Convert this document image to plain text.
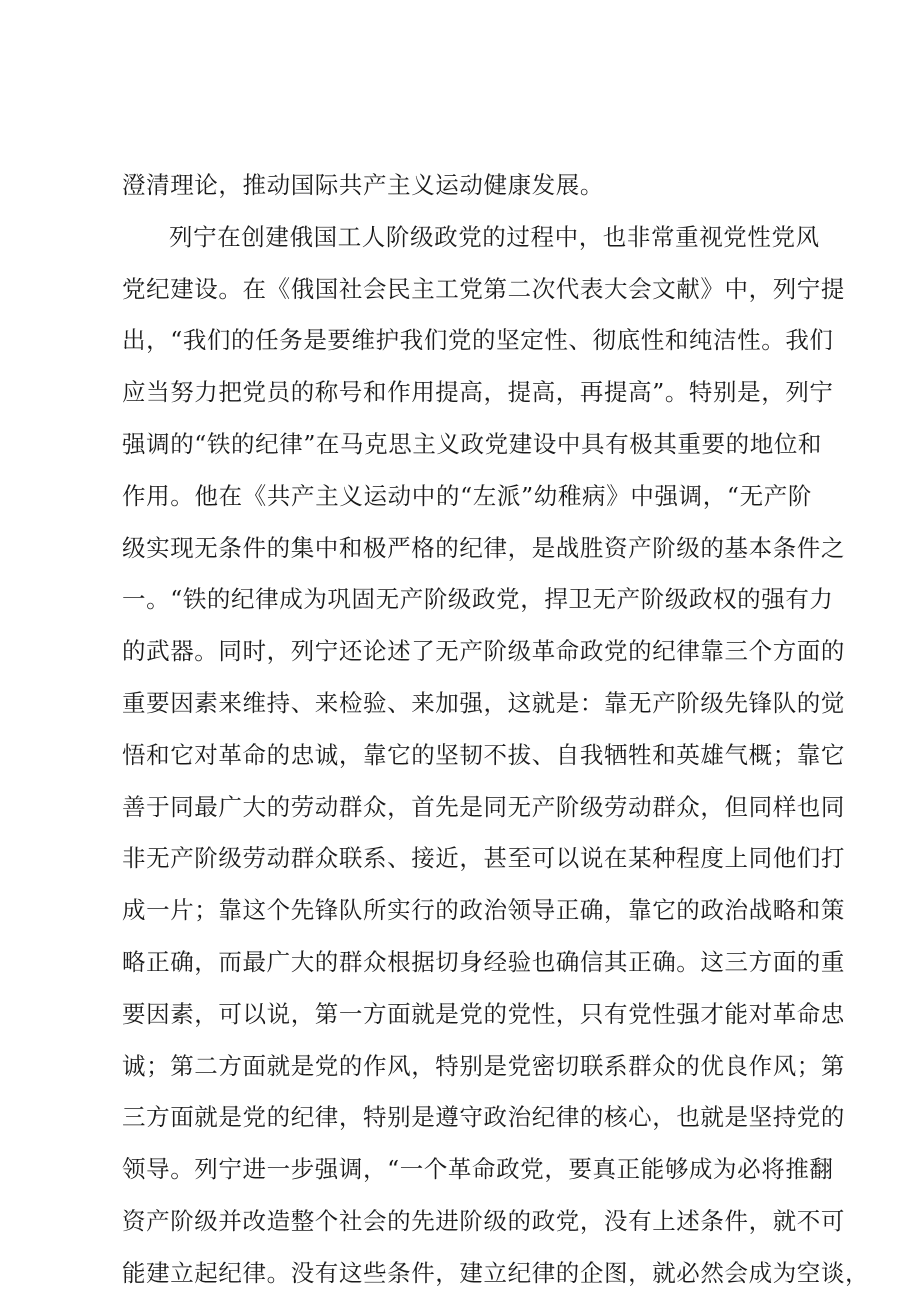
澄清理论，推动国际共产主义运动健康发展。
列宁在创建俄国工人阶级政党的过程中，也非常重视党性党风
党纪建设。在《俄国社会民主工党第二次代表大会文献》中，列宁提
出，“我们的任务是要维护我们党的坚定性、彻底性和纯洁性。我们
应当努力把党员的称号和作用提高，提高，再提高”。特别是，列宁
强调的“铁的纪律”在马克思主义政党建设中具有极其重要的地位和
作用。他在《共产主义运动中的“左派”幼稚病》中强调，“无产阶
级实现无条件的集中和极严格的纪律，是战胜资产阶级的基本条件之
一。“铁的纪律成为巩固无产阶级政党，捍卫无产阶级政权的强有力
的武器。同时，列宁还论述了无产阶级革命政党的纪律靠三个方面的
重要因素来维持、来检验、来加强，这就是：靠无产阶级先锋队的觉
悟和它对革命的忠诚，靠它的坚韧不拔、自我牺牲和英雄气概；靠它
善于同最广大的劳动群众，首先是同无产阶级劳动群众，但同样也同
非无产阶级劳动群众联系、接近，甚至可以说在某种程度上同他们打
成一片；靠这个先锋队所实行的政治领导正确，靠它的政治战略和策
略正确，而最广大的群众根据切身经验也确信其正确。这三方面的重
要因素，可以说，第一方面就是党的党性，只有党性强才能对革命忠
诚；第二方面就是党的作风，特别是党密切联系群众的优良作风；第
三方面就是党的纪律，特别是遵守政治纪律的核心，也就是坚持党的
领导。列宁进一步强调，“一个革命政党，要真正能够成为必将推翻
资产阶级并改造整个社会的先进阶级的政党，没有上述条件，就不可
能建立起纪律。没有这些条件，建立纪律的企图，就必然会成为空谈，
